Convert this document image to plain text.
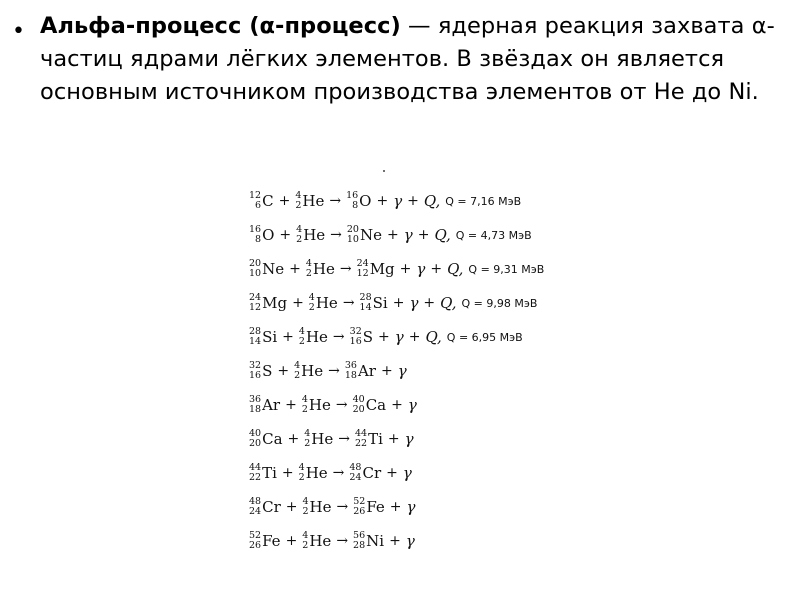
• Альфа-процесс (α-процесс) — ядерная реакция захвата α-частиц ядрами лёгких элементов. В звёздах он является основным источником производства элементов от He до Ni.
12
6 C + 4
2 He → 16
8 O + γ + Q, Q = 7,16 МэВ
16
8 O + 4
2 He → 20
10 Ne + γ + Q, Q = 4,73 МэВ
20
10 Ne + 4
2 He → 24
12 Mg + γ + Q, Q = 9,31 МэВ
24
12 Mg + 4
2 He → 28
14 Si + γ + Q, Q = 9,98 МэВ
28
14 Si + 4
2 He → 32
16 S + γ + Q, Q = 6,95 МэВ
32
16 S + 4
2 He → 36
18 Ar + γ
36
18 Ar + 4
2 He → 40
20 Ca + γ
40
20 Ca + 4
2 He → 44
22 Ti + γ
44
22 Ti + 4
2 He → 48
24 Cr + γ
48
24 Cr + 4
2 He → 52
26 Fe + γ
52
26 Fe + 4
2 He → 56
28 Ni + γ
